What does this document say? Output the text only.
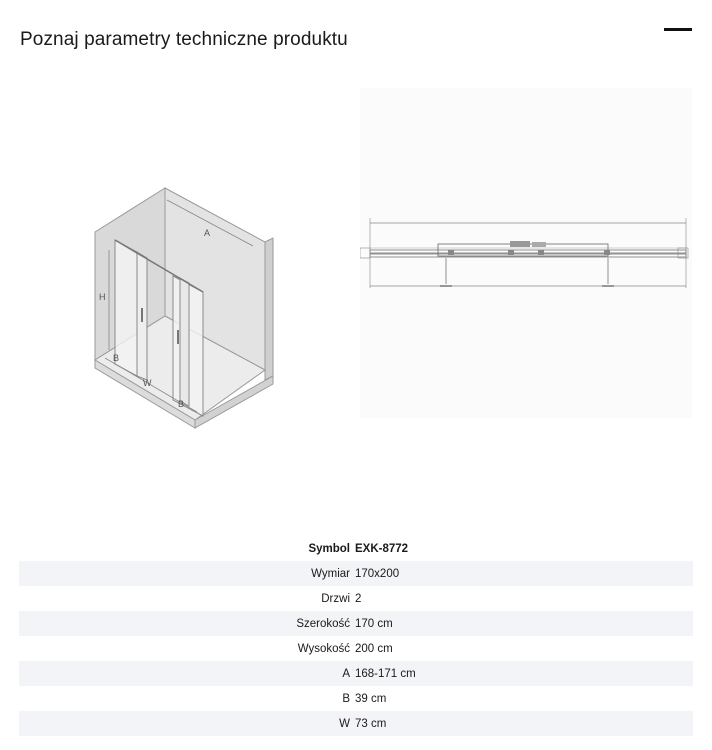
Poznaj parametry techniczne produktu
A
H
B
W
B
Symbol EXK-8772
Wymiar 170x200
Drzwi 2
Szerokość 170 cm
Wysokość 200 cm
A 168-171 cm
B 39 cm
W 73 cm
